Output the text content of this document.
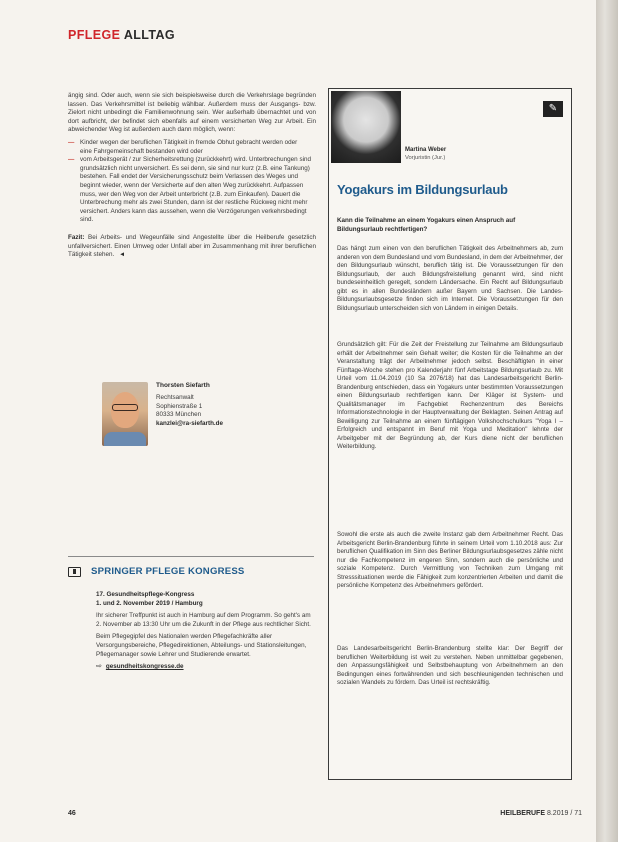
PFLEGE ALLTAG

ängig sind. Oder auch, wenn sie sich beispielsweise durch die Verkehrslage begründen lassen. Das Verkehrsmittel ist beliebig wählbar. Außerdem muss der Ausgangs- bzw. Zielort nicht unbedingt die Familienwohnung sein. Wer außerhalb übernachtet und von dort aufbricht, der befindet sich ebenfalls auf einem versicherten Weg zur Arbeit. Ein abweichender Weg ist außerdem auch dann möglich, wenn:

— Kinder wegen der beruflichen Tätigkeit in fremde Obhut gebracht werden oder
eine Fahrgemeinschaft bestanden wird oder
— vom Arbeitsgerät / zur Sicherheitsrettung (zurückkehrt) wird. Unterbrechungen sind grundsätzlich nicht unversichert. Es sei denn, sie sind nur kurz (z.B. eine Tankung) bestehen. Fall endet der Versicherungsschutz beim Verlassen des Weges und beginnt wieder, wenn der Versicherte auf den alten Weg zurückkehrt. Aufpassen muss, wer den Weg von der Arbeit unterbricht (z.B. zum Einkaufen). Dauert die Unterbrechung mehr als zwei Stunden, dann ist der restliche Rückweg nicht mehr versichert. Anders kann das aussehen, wenn die Verzögerungen verkehrsbedingt sind.
Fazit: Bei Arbeits- und Wegeunfälle sind Angestellte über die Heilberufe gesetzlich unfallversichert. Einen Umweg oder Unfall aber im Zusammenhang mit ihrer beruflichen Tätigkeit stehen. ◄
Thorsten Siefarth
Rechtsanwalt
Sophienstraße 1
80333 München
kanzlei@ra-siefarth.de
SPRINGER PFLEGE KONGRESS

17. Gesundheitspflege-Kongress
1. und 2. November 2019 / Hamburg

Ihr sicherer Treffpunkt ist auch in Hamburg auf dem Programm. So geht's am 2. November ab 13:30 Uhr um die Zukunft in der Pflege aus rechtlicher Sicht.

Beim Pflegegipfel des Nationalen werden Pflegefachkräfte aller Versorgungsbereiche, Pflegedirektionen, Abteilungs- und Stationsleitungen, Pflegemanager sowie Lehrer und Studierende erwartet.

⇨ gesundheitskongresse.de
✎
Martina Weber
Vorjuristin (Jur.)
Yogakurs im Bildungsurlaub
Kann die Teilnahme an einem Yogakurs einen Anspruch auf Bildungsurlaub rechtfertigen?
Das hängt zum einen von den beruflichen Tätigkeit des Arbeitnehmers ab, zum anderen von dem Bundesland und vom Bundesland, in dem der Arbeitnehmer, der den Bildungsurlaub wünscht, beruflich tätig ist. Die Voraussetzungen für den Bildungsurlaub, der auch Bildungsfreistellung genannt wird, sind nicht bundeseinheitlich geregelt, sondern Ländersache. Ein Recht auf Bildungsurlaub gibt es in allen Bundesländern außer Bayern und Sachsen. Die Landes-Bildungsurlaubsgesetze finden sich im Internet. Die Voraussetzungen für den Bildungsurlaub unterscheiden sich von Ländern in einigen Details.
Grundsätzlich gilt: Für die Zeit der Freistellung zur Teilnahme am Bildungsurlaub erhält der Arbeitnehmer sein Gehalt weiter; die Kosten für die Teilnahme an der Veranstaltung trägt der Arbeitnehmer jedoch selbst. Beschäftigten in einer Fünftage-Woche stehen pro Kalenderjahr fünf Arbeitstage Bildungsurlaub zu. Mit Urteil vom 11.04.2019 (10 Sa 2076/18) hat das Landesarbeitsgericht Berlin-Brandenburg entschieden, dass ein Yogakurs unter bestimmten Voraussetzungen einen Bildungsurlaub rechtfertigen kann. Der Kläger ist System- und Qualitätsmanager im Fachgebiet Rechenzentrum des Bereichs Informationstechnologie in der Hauptverwaltung der Beklagten. Seinen Antrag auf Bewilligung zur Teilnahme an einem fünftägigen Volkshochschulkurs "Yoga I – Erfolgreich und entspannt im Beruf mit Yoga und Meditation" lehnte der Arbeitgeber mit der Begründung ab, der Kurs diene nicht der beruflichen Weiterbildung.
Sowohl die erste als auch die zweite Instanz gab dem Arbeitnehmer Recht. Das Arbeitsgericht Berlin-Brandenburg führte in seinem Urteil vom 1.10.2018 aus: Zur beruflichen Qualifikation im Sinn des Berliner Bildungsurlaubsgesetzes zähle nicht nur die Fachkompetenz im engeren Sinn, sondern auch die persönliche und soziale Kompetenz. Durch Vermittlung von Techniken zum Umgang mit Stresssituationen werde die Fähigkeit zum konzentrierten Arbeiten und damit die persönliche Kompetenz des Arbeitnehmers gefördert.
Das Landesarbeitsgericht Berlin-Brandenburg stellte klar: Der Begriff der beruflichen Weiterbildung ist weit zu verstehen. Neben unmittelbar gegebenen, den Anpassungsfähigkeit und Selbstbehauptung von Arbeitnehmern an den Bedingungen eines fortwährenden und sich beschleunigenden technischen und sozialen Wandels zu fördern. Das Urteil ist rechtskräftig.
46	HEILBERUFE 8.2019 / 71
